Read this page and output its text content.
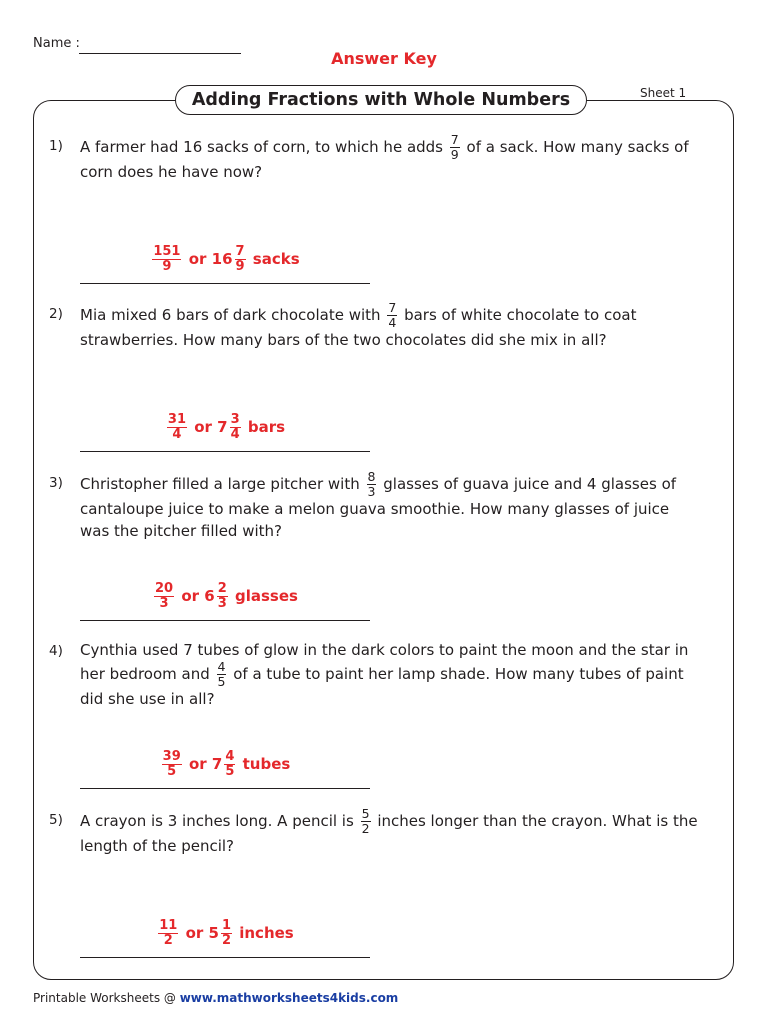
Name :
Answer Key
Sheet 1
Adding Fractions with Whole Numbers
1) A farmer had 16 sacks of corn, to which he adds $\frac{7}{9}$ of a sack. How many sacks of corn does he have now?
$\frac{151}{9}$ or $16 \frac{7}{9}$ sacks
2) Mia mixed 6 bars of dark chocolate with $\frac{7}{4}$ bars of white chocolate to coat strawberries. How many bars of the two chocolates did she mix in all?
$\frac{31}{4}$ or $7 \frac{3}{4}$ bars
3) Christopher filled a large pitcher with $\frac{8}{3}$ glasses of guava juice and 4 glasses of cantaloupe juice to make a melon guava smoothie. How many glasses of juice was the pitcher filled with?
$\frac{20}{3}$ or $6 \frac{2}{3}$ glasses
4) Cynthia used 7 tubes of glow in the dark colors to paint the moon and the star in her bedroom and $\frac{4}{5}$ of a tube to paint her lamp shade. How many tubes of paint did she use in all?
$\frac{39}{5}$ or $7 \frac{4}{5}$ tubes
5) A crayon is 3 inches long. A pencil is $\frac{5}{2}$ inches longer than the crayon. What is the length of the pencil?
$\frac{11}{2}$ or $5 \frac{1}{2}$ inches
Printable Worksheets @ www.mathworksheets4kids.com
